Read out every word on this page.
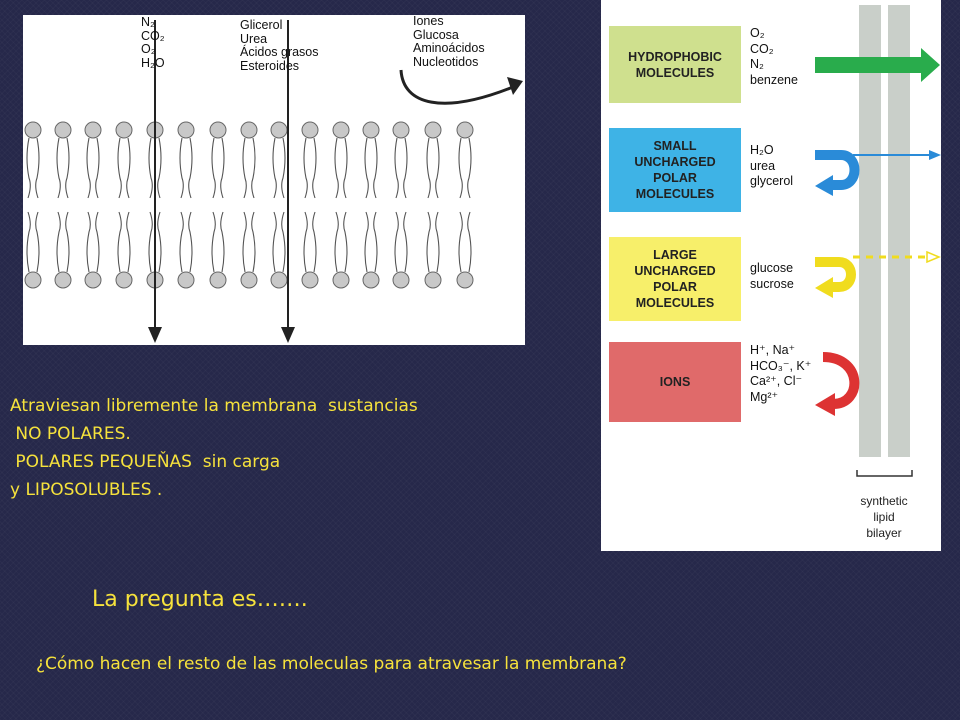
N₂
CO₂
O₂
H₂O
Glicerol
Urea
Ácidos grasos
Esteroides
Iones
Glucosa
Aminoácidos
Nucleotidos	HYDROPHOBIC
MOLECULES
SMALL
UNCHARGED
POLAR
MOLECULES
LARGE
UNCHARGED
POLAR
MOLECULES
IONS
O₂
CO₂
N₂
benzene
H₂O
urea
glycerol
glucose
sucrose
H⁺, Na⁺
HCO₃⁻, K⁺
Ca²⁺, Cl⁻
Mg²⁺
synthetic
lipid
bilayer
Atraviesan libremente la membrana  sustancias
NO POLARES.
POLARES PEQUEŇAS  sin carga
y LIPOSOLUBLES .
La pregunta es…….
¿Cómo hacen el resto de las moleculas para atravesar la membrana?
